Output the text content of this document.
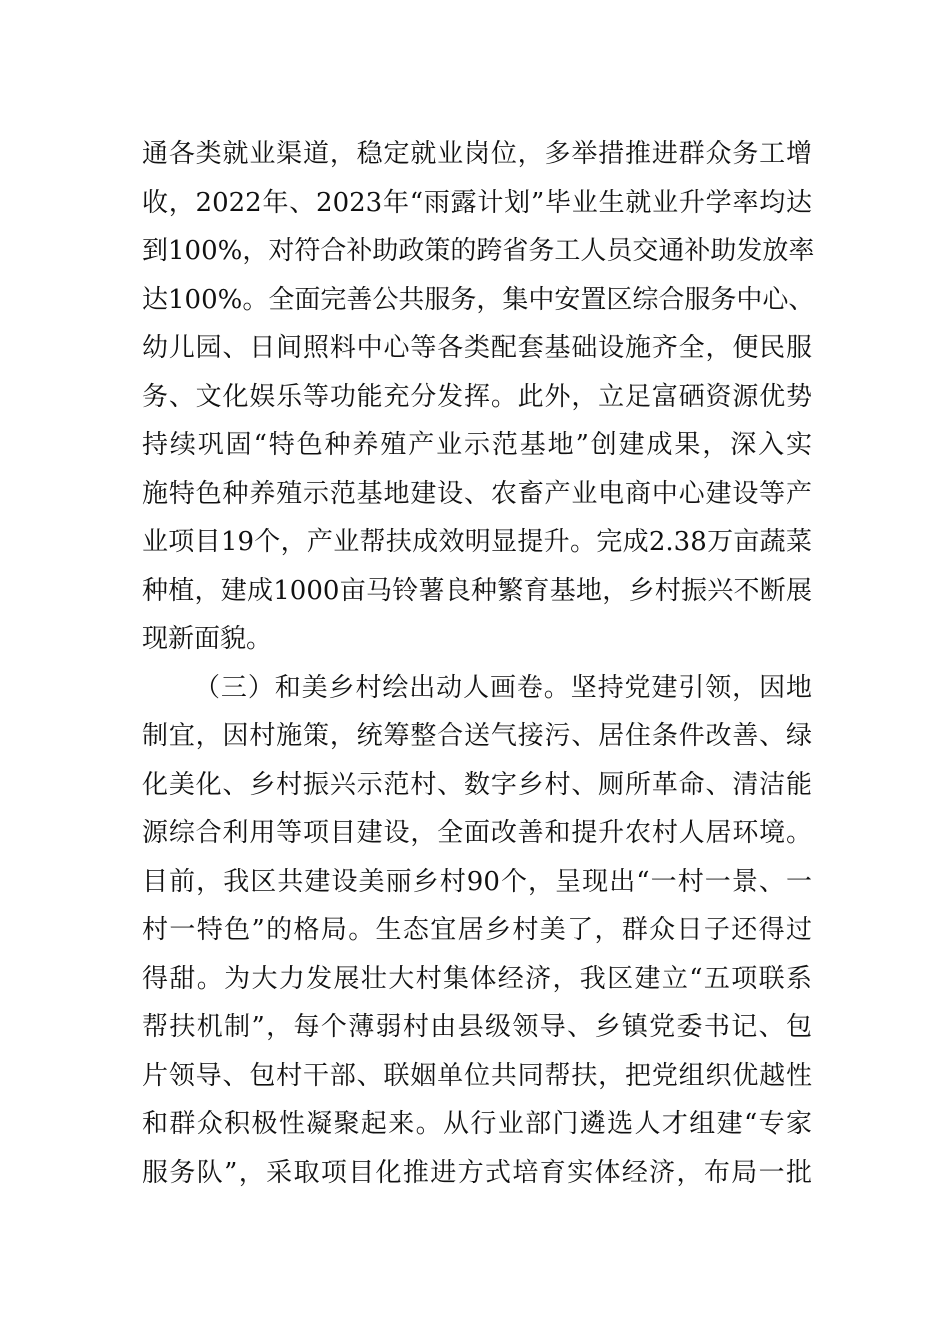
通各类就业渠道，稳定就业岗位，多举措推进群众务工增
收，2022年、2023年“雨露计划”毕业生就业升学率均达
到100%，对符合补助政策的跨省务工人员交通补助发放率
达100%。全面完善公共服务，集中安置区综合服务中心、
幼儿园、日间照料中心等各类配套基础设施齐全，便民服
务、文化娱乐等功能充分发挥。此外，立足富硒资源优势
持续巩固“特色种养殖产业示范基地”创建成果，深入实
施特色种养殖示范基地建设、农畜产业电商中心建设等产
业项目19个，产业帮扶成效明显提升。完成2.38万亩蔬菜
种植，建成1000亩马铃薯良种繁育基地，乡村振兴不断展
现新面貌。
（三）和美乡村绘出动人画卷。坚持党建引领，因地
制宜，因村施策，统筹整合送气接污、居住条件改善、绿
化美化、乡村振兴示范村、数字乡村、厕所革命、清洁能
源综合利用等项目建设，全面改善和提升农村人居环境。
目前，我区共建设美丽乡村90个，呈现出“一村一景、一
村一特色”的格局。生态宜居乡村美了，群众日子还得过
得甜。为大力发展壮大村集体经济，我区建立“五项联系
帮扶机制”，每个薄弱村由县级领导、乡镇党委书记、包
片领导、包村干部、联姻单位共同帮扶，把党组织优越性
和群众积极性凝聚起来。从行业部门遴选人才组建“专家
服务队”，采取项目化推进方式培育实体经济，布局一批
